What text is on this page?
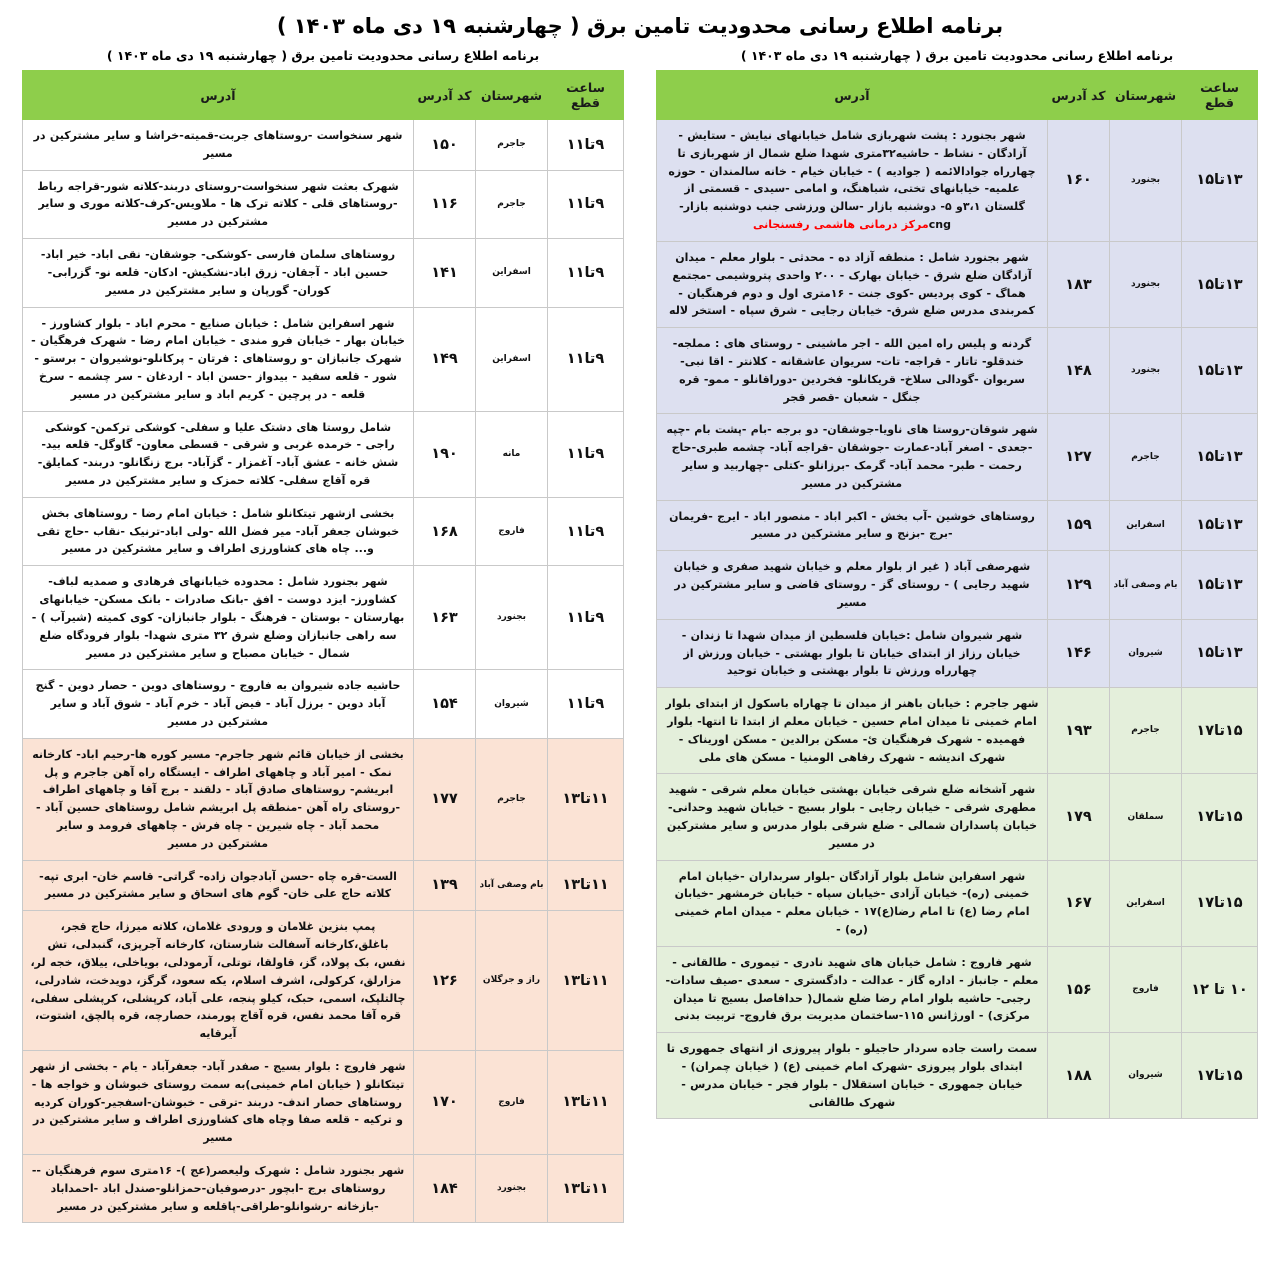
برنامه اطلاع رسانی محدودیت تامین برق ( چهارشنبه ۱۹ دی ماه ۱۴۰۳ )
برنامه اطلاع رسانی محدودیت تامین برق ( چهارشنبه ۱۹ دی ماه ۱۴۰۳ )
ساعت قطع	شهرستان	کد آدرس	آدرس
۹تا۱۱	جاجرم	۱۵۰	شهر سنخواست -روستاهای جربت-قمیته-خراشا و سایر مشترکین در مسیر
۹تا۱۱	جاجرم	۱۱۶	شهرک بعثت شهر سنخواست-روستای دربند-کلاته شور-قراجه رباط -روستاهای قلی - کلاته ترک ها - ملاویس-کرف-کلاته موری و سایر مشترکین در مسیر
۹تا۱۱	اسفراین	۱۴۱	روستاهای سلمان فارسی -کوشکی- جوشقان- نقی اباد- خیر اباد- حسین اباد - آجقان- زرق اباد-نشکیش- ادکان- قلعه نو- گزرابی-کوران- گورپان و سایر مشترکین در مسیر
۹تا۱۱	اسفراین	۱۴۹	شهر اسفراین شامل : خیابان صنایع - محرم اباد - بلوار کشاورز - خیابان بهار - خیابان فرو مندی - خیابان امام رضا - شهرک فرهگیان - شهرک جانبازان -و روستاهای : فرتان - پرکانلو-نوشیروان - برستو - شور - قلعه سفید - بیدواز -حسن اباد - اردغان - سر چشمه - سرخ قلعه - در پرچین - کریم اباد و سایر مشترکین در مسیر
۹تا۱۱	مانه	۱۹۰	شامل روستا های دشتک علیا و سفلی- کوشکی ترکمن- کوشکی راجی - خرمده غربی و شرقی - قسطی معاون- گاوگل- قلعه بید- شش خانه - عشق آباد- آغمزار - گزآباد- برج زنگانلو- دربند- کمایلق- قره آقاج سفلی- کلاته حمزک و سایر مشترکین در مسیر
۹تا۱۱	فاروج	۱۶۸	بخشی ازشهر تیتکانلو شامل : خیابان امام رضا - روستاهای بخش خبوشان جعفر آباد- میر فضل الله -ولی اباد-ترنیک -نقاب -حاج تقی و... چاه های کشاورزی اطراف و سایر مشترکین در مسیر
۹تا۱۱	بجنورد	۱۶۳	شهر بجنورد شامل : محدوده خیابانهای فرهادی و صمدیه لباف- کشاورز- ایزد دوست - افق -بانک صادرات - بانک مسکن- خیابانهای بهارستان - بوستان - فرهنگ - بلوار جانبازان- کوی کمیته (شیرآب ) - سه راهی جانبازان وضلع شرق ۳۲ متری شهدا- بلوار فرودگاه ضلع شمال - خیابان مصباح و سایر مشترکین در مسیر
۹تا۱۱	شیروان	۱۵۴	حاشیه جاده شیروان به فاروج - روستاهای دوین - حصار دوین - گنج آباد دوین - برزل آباد - فیض آباد - خرم آباد - شوق آباد و سایر مشترکین در مسیر
۱۱تا۱۳	جاجرم	۱۷۷	بخشی از خیابان قائم شهر جاجرم- مسیر کوره ها-رحیم اباد- کارخانه نمک - امیر آباد و چاههای اطراف - ایستگاه راه آهن جاجرم و پل ابریشم- روستاهای صادق آباد - دلقند - برج آقا و چاههای اطراف -روستای راه آهن -منطقه پل ابریشم شامل روستاهای حسین آباد - محمد آباد - چاه شیرین - چاه فرش - چاههای فرومد و سایر مشترکین در مسیر
۱۱تا۱۳	بام وصفی آباد	۱۳۹	الست-قره چاه -حسن آبادجوان زاده- گراتی- قاسم خان- ابری تپه- کلاته حاج علی خان- گوم های اسحاق و سایر مشترکین در مسیر
۱۱تا۱۳	راز و جرگلان	۱۲۶	پمپ بنزین غلامان و ورودی غلامان، کلاته میرزا، حاج قجر، باغلق،کارخانه آسفالت شارستان، کارخانه آجرپزی، گنبدلی، تش نفس، بک پولاد، گز، قاولقا، توتلی، آرمودلی، بویاخلی، ییلاق، خجه لر، مزارلق، کرکولی، اشرف اسلام، یکه سعود، گرگز، دویدخت، شادرلی، چالتلپک، اسمی، حبک، کیلو پنجه، علی آباد، کرپشلی، کرپشلی سفلی، قره آقا محمد نفس، قره آقاج پورمند، حصارچه، قره پالچق، اشتوت، آیرقایه
۱۱تا۱۳	فاروج	۱۷۰	شهر فاروج : بلوار بسیج - صفدر آباد- جعفرآباد - یام - بخشی از شهر تیتکانلو ( خیابان امام خمینی)به سمت روستای خبوشان و خواجه ها - روستاهای حصار اندف- دربند -ترقی - خبوشان-اسفجیر-کوران کردیه و ترکیه - قلعه صفا وچاه های کشاورزی اطراف و سایر مشترکین در مسیر
۱۱تا۱۳	بجنورد	۱۸۴	شهر بجنورد شامل : شهرک ولیعصر(عج )- ۱۶متری سوم فرهنگیان --روستاهای برج -ابچور -درصوفیان-حمزانلو-صندل اباد -احمداباد -بازخانه -رشوانلو-طراقی-پاقلعه و سایر مشترکین در مسیر
برنامه اطلاع رسانی محدودیت تامین برق ( چهارشنبه ۱۹ دی ماه ۱۴۰۳ )
ساعت قطع	شهرستان	کد آدرس	آدرس
۱۳تا۱۵	بجنورد	۱۶۰	شهر بجنورد : پشت شهربازی شامل خیابانهای نیایش - ستایش - آزادگان - نشاط - حاشیه۳۲متری شهدا ضلع شمال از شهربازی تا چهارراه جوادالائمه ( جوادیه ) - خیابان خیام - خانه سالمندان - حوزه علمیه- خیابانهای تختی، شباهنگ، و امامی -سیدی - قسمتی از گلستان ۳،۱و ۵- دوشنبه بازار -سالن ورزشی جنب دوشنبه بازار- cngمرکز درمانی هاشمی رفسنجانی
۱۳تا۱۵	بجنورد	۱۸۳	شهر بجنورد شامل : منطقه آزاد ده - محدثی - بلوار معلم - میدان آزادگان ضلع شرق - خیابان بهارک - ۲۰۰ واحدی پتروشیمی -مجتمع هماگ - کوی پردیس -کوی جنت - ۱۶متری اول و دوم فرهنگیان - کمربندی مدرس ضلع شرق- خیابان رجایی - شرق سپاه - استخر لاله
۱۳تا۱۵	بجنورد	۱۴۸	گردنه و پلیس راه امین الله - اجر ماشینی - روستای های : مملجه- خندقلو- تاتار - قراجه- تات- سریوان عاشقانه - کلانتر - اقا نبی- سریوان -گودالی سلاخ- قریکانلو- فخردین -دوراقانلو - ممو- قره جنگل - شعبان -قصر قجر
۱۳تا۱۵	جاجرم	۱۲۷	شهر شوقان-روستا های ناویا-جوشقان- دو برجه -بام -پشت بام -چپه -جعدی - اصغر آباد-عمارت -جوشقان -قراجه آباد- چشمه طبری-حاج رحمت - طبر- محمد آباد- گرمک -برزانلو -کتلی -چهاربید و سایر مشترکین در مسیر
۱۳تا۱۵	اسفراین	۱۵۹	روستاهای خوشین -آب بخش - اکبر اباد - منصور اباد - ایرج -فریمان -برج -بزنج و سایر مشترکین در مسیر
۱۳تا۱۵	بام وصفی آباد	۱۲۹	شهرصفی آباد ( غیر از بلوار معلم و خیابان شهید صفری و خیابان شهید رجایی ) - روستای گز - روستای قاضی و سایر مشترکین در مسیر
۱۳تا۱۵	شیروان	۱۴۶	شهر شیروان شامل :خیابان فلسطین از میدان شهدا تا زندان - خیابان رزاز از ابتدای خیابان تا بلوار بهشتی - خیابان ورزش از چهارراه ورزش تا بلوار بهشتی و خیابان توحید
۱۵تا۱۷	جاجرم	۱۹۳	شهر جاجرم : خیابان باهنر از میدان تا چهاراه باسکول از ابتدای بلوار امام خمینی تا میدان امام حسین - خیابان معلم از ابتدا تا انتها- بلوار فهمیده - شهرک فرهنگیان ئ- مسکن برالدین - مسکن اوریناک - شهرک اندیشه - شهرک رفاهی الومنیا - مسکن های ملی
۱۵تا۱۷	سملقان	۱۷۹	شهر آشخانه ضلع شرقی خیابان بهشتی خیابان معلم شرقی - شهید مطهری شرقی - خیابان رجایی - بلوار بسیج - خیابان شهید وحدانی- خیابان پاسداران شمالی - ضلع شرقی بلوار مدرس و سایر مشترکین در مسیر
۱۵تا۱۷	اسفراین	۱۶۷	شهر اسفراین شامل بلوار آزادگان -بلوار سربداران -خیابان امام خمینی (ره)- خیابان آزادی -خیابان سپاه - خیابان خرمشهر -خیابان امام رضا (ع) تا امام رضا(ع)۱۷ - خیابان معلم - میدان امام خمینی (ره) -
۱۰ تا ۱۲	فاروج	۱۵۶	شهر فاروج : شامل خیابان های شهید نادری - تیموری - طالقانی - معلم - جانباز - اداره گاز - عدالت - دادگستری - سعدی -صیف سادات- رجبی- حاشیه بلوار امام رضا ضلع شمال( حدافاصل بسیج تا میدان مرکزی) - اورژانس ۱۱۵-ساختمان مدیریت برق فاروج- تربیت بدنی
۱۵تا۱۷	شیروان	۱۸۸	سمت راست جاده سردار حاجیلو - بلوار پیروزی از انتهای جمهوری تا ابتدای بلوار پیروزی -شهرک امام خمینی (ع) ( خیابان چمران) - خیابان جمهوری - خیابان استقلال - بلوار فجر - خیابان مدرس - شهرک طالقانی
